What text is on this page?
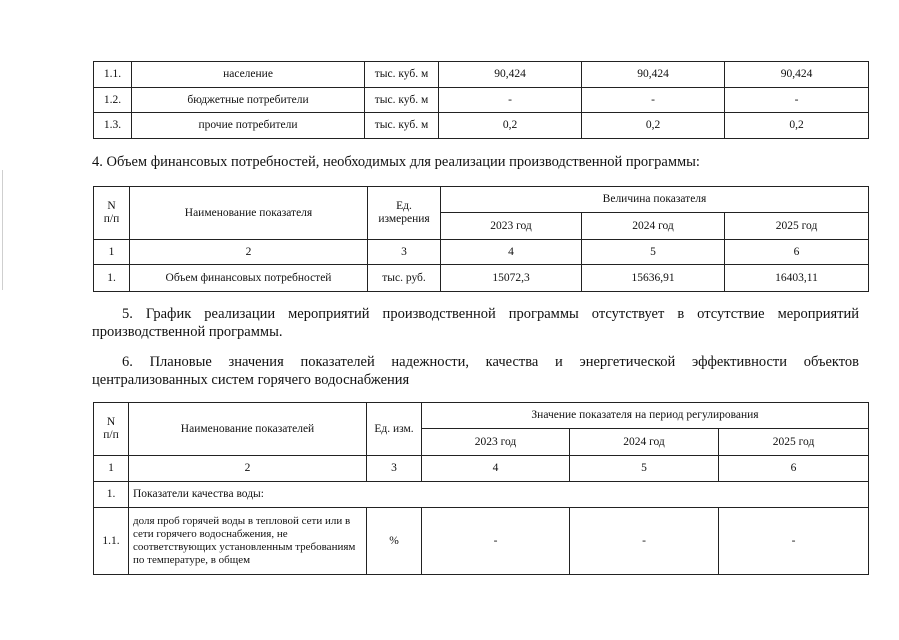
1.1.	население	тыс. куб. м	90,424	90,424	90,424
1.2.	бюджетные потребители	тыс. куб. м	-	-	-
1.3.	прочие потребители	тыс. куб. м	0,2	0,2	0,2

4. Объем финансовых потребностей, необходимых для реализации производственной программы:

N п/п	Наименование показателя	Ед. измерения	Величина показателя		
			2023 год	2024 год	2025 год
1	2	3	4	5	6
1.	Объем финансовых потребностей	тыс. руб.	15072,3	15636,91	16403,11

5. График реализации мероприятий производственной программы отсутствует в отсутствие мероприятий производственной программы.

6. Плановые значения показателей надежности, качества и энергетической эффективности объектов централизованных систем горячего водоснабжения

N п/п	Наименование показателей	Ед. изм.	Значение показателя на период регулирования		
			2023 год	2024 год	2025 год
1	2	3	4	5	6
1.	Показатели качества воды:				
1.1.	доля проб горячей воды в тепловой сети или в сети горячего водоснабжения, не соответствующих установленным требованиям по температуре, в общем	%	-	-	-
